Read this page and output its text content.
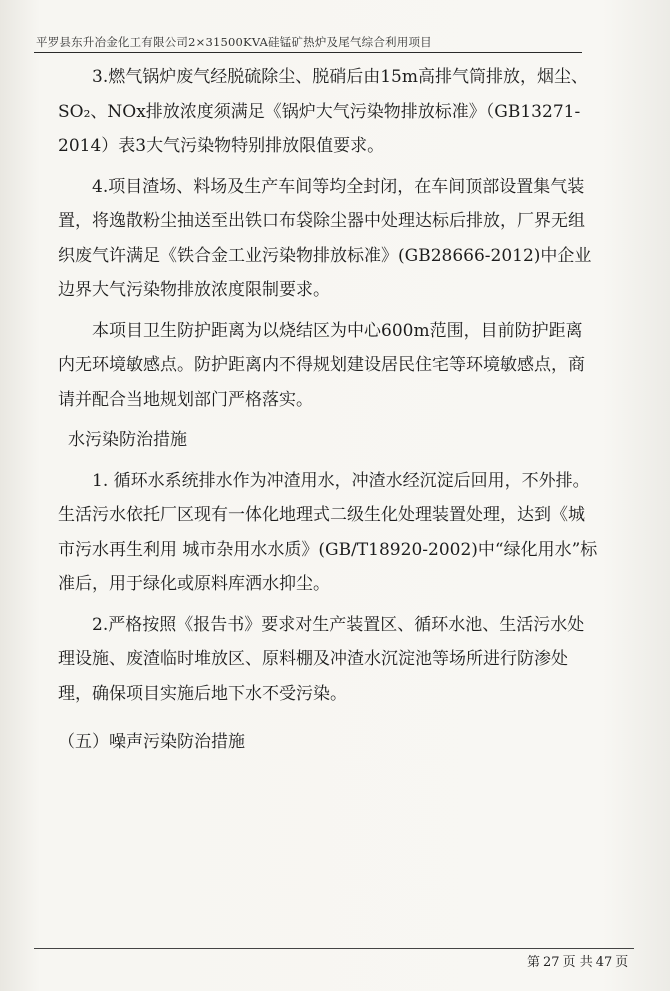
平罗县东升冶金化工有限公司2×31500KVA硅锰矿热炉及尾气综合利用项目

3.燃气锅炉废气经脱硫除尘、脱硝后由15m高排气筒排放，烟尘、SO₂、NOx排放浓度须满足《锅炉大气污染物排放标准》（GB13271-2014）表3大气污染物特别排放限值要求。

4.项目渣场、料场及生产车间等均全封闭，在车间顶部设置集气装置，将逸散粉尘抽送至出铁口布袋除尘器中处理达标后排放，厂界无组织废气许满足《铁合金工业污染物排放标准》(GB28666-2012)中企业边界大气污染物排放浓度限制要求。

本项目卫生防护距离为以烧结区为中心600m范围，目前防护距离内无环境敏感点。防护距离内不得规划建设居民住宅等环境敏感点，商请并配合当地规划部门严格落实。

水污染防治措施

1. 循环水系统排水作为冲渣用水，冲渣水经沉淀后回用，不外排。生活污水依托厂区现有一体化地理式二级生化处理装置处理，达到《城市污水再生利用 城市杂用水水质》(GB/T18920-2002)中“绿化用水”标准后，用于绿化或原料库洒水抑尘。

2.严格按照《报告书》要求对生产装置区、循环水池、生活污水处理设施、废渣临时堆放区、原料棚及冲渣水沉淀池等场所进行防渗处理，确保项目实施后地下水不受污染。

（五）噪声污染防治措施

第 27 页 共 47 页
